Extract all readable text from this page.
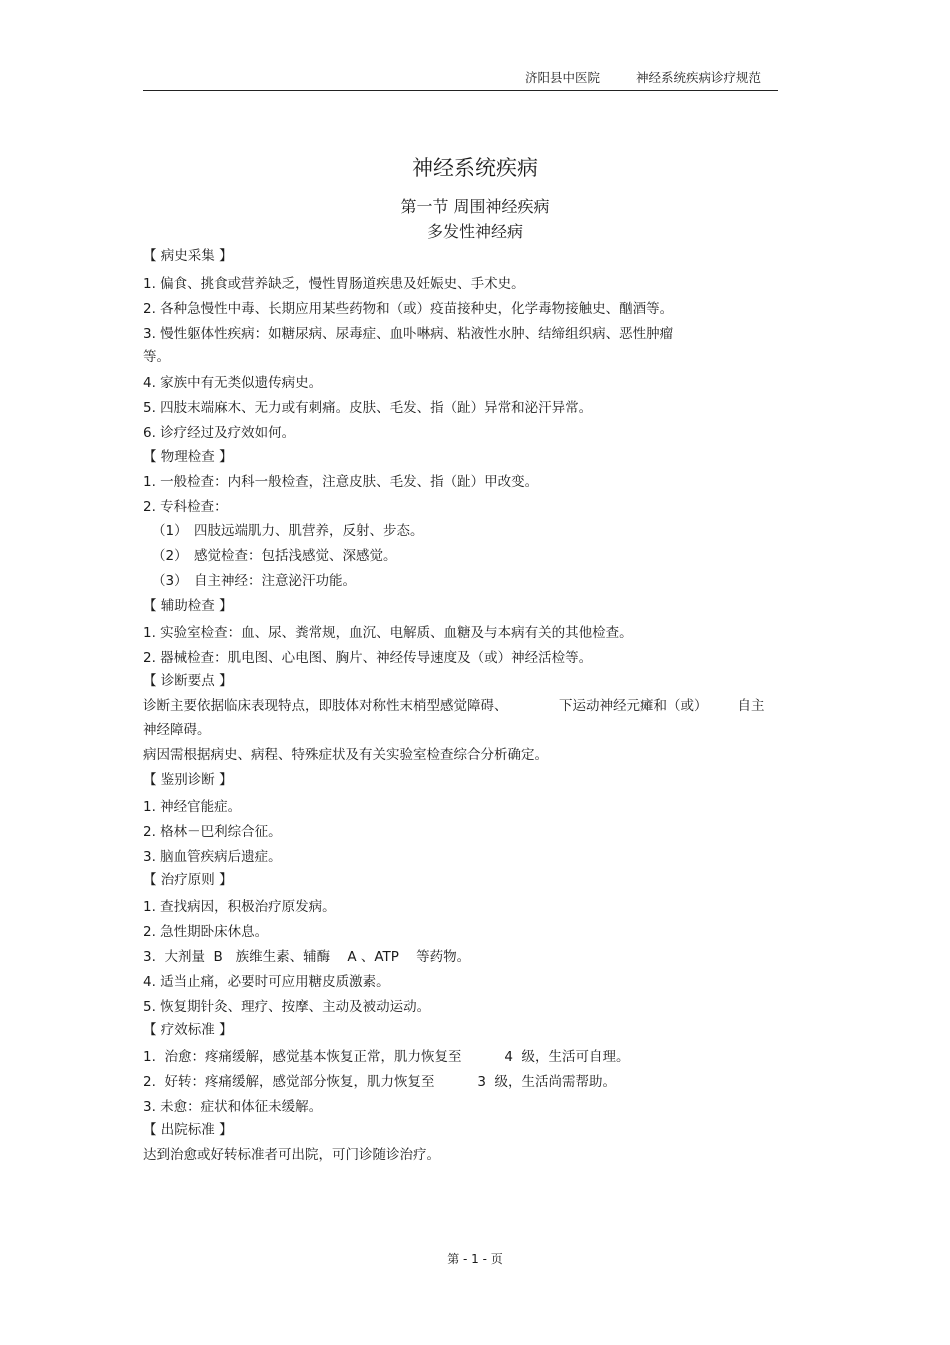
济阳县中医院	神经系统疾病诊疗规范
神经系统疾病
第一节 周围神经疾病
多发性神经病
【 病史采集 】
1. 偏食、挑食或营养缺乏，慢性胃肠道疾患及妊娠史、手术史。
2. 各种急慢性中毒、长期应用某些药物和（或）疫苗接种史，化学毒物接触史、酗酒等。
3. 慢性躯体性疾病：如糖尿病、尿毒症、血卟啉病、粘液性水肿、结缔组织病、恶性肿瘤
等。
4. 家族中有无类似遗传病史。
5. 四肢末端麻木、无力或有刺痛。皮肤、毛发、指（趾）异常和泌汗异常。
6. 诊疗经过及疗效如何。
【 物理检查 】
1. 一般检查：内科一般检查，注意皮肤、毛发、指（趾）甲改变。
2. 专科检查：
（1） 四肢远端肌力、肌营养，反射、步态。
（2） 感觉检查：包括浅感觉、深感觉。
（3） 自主神经：注意泌汗功能。
【 辅助检查 】
1. 实验室检查：血、尿、粪常规，血沉、电解质、血糖及与本病有关的其他检查。
2. 器械检查：肌电图、心电图、胸片、神经传导速度及（或）神经活检等。
【 诊断要点 】
诊断主要依据临床表现特点，即肢体对称性末梢型感觉障碍、            下运动神经元瘫和（或）       自主
神经障碍。
病因需根据病史、病程、特殊症状及有关实验室检查综合分析确定。
【 鉴别诊断 】
1. 神经官能症。
2. 格林－巴利综合征。
3. 脑血管疾病后遗症。
【 治疗原则 】
1. 查找病因，积极治疗原发病。
2. 急性期卧床休息。
3.  大剂量  B   族维生素、辅酶    A 、ATP    等药物。
4. 适当止痛，必要时可应用糖皮质激素。
5. 恢复期针灸、理疗、按摩、主动及被动运动。
【 疗效标准 】
1.  治愈：疼痛缓解，感觉基本恢复正常，肌力恢复至          4  级，生活可自理。
2.  好转：疼痛缓解，感觉部分恢复，肌力恢复至          3  级，生活尚需帮助。
3. 未愈：症状和体征未缓解。
【 出院标准 】
达到治愈或好转标准者可出院，可门诊随诊治疗。
第 - 1 - 页
